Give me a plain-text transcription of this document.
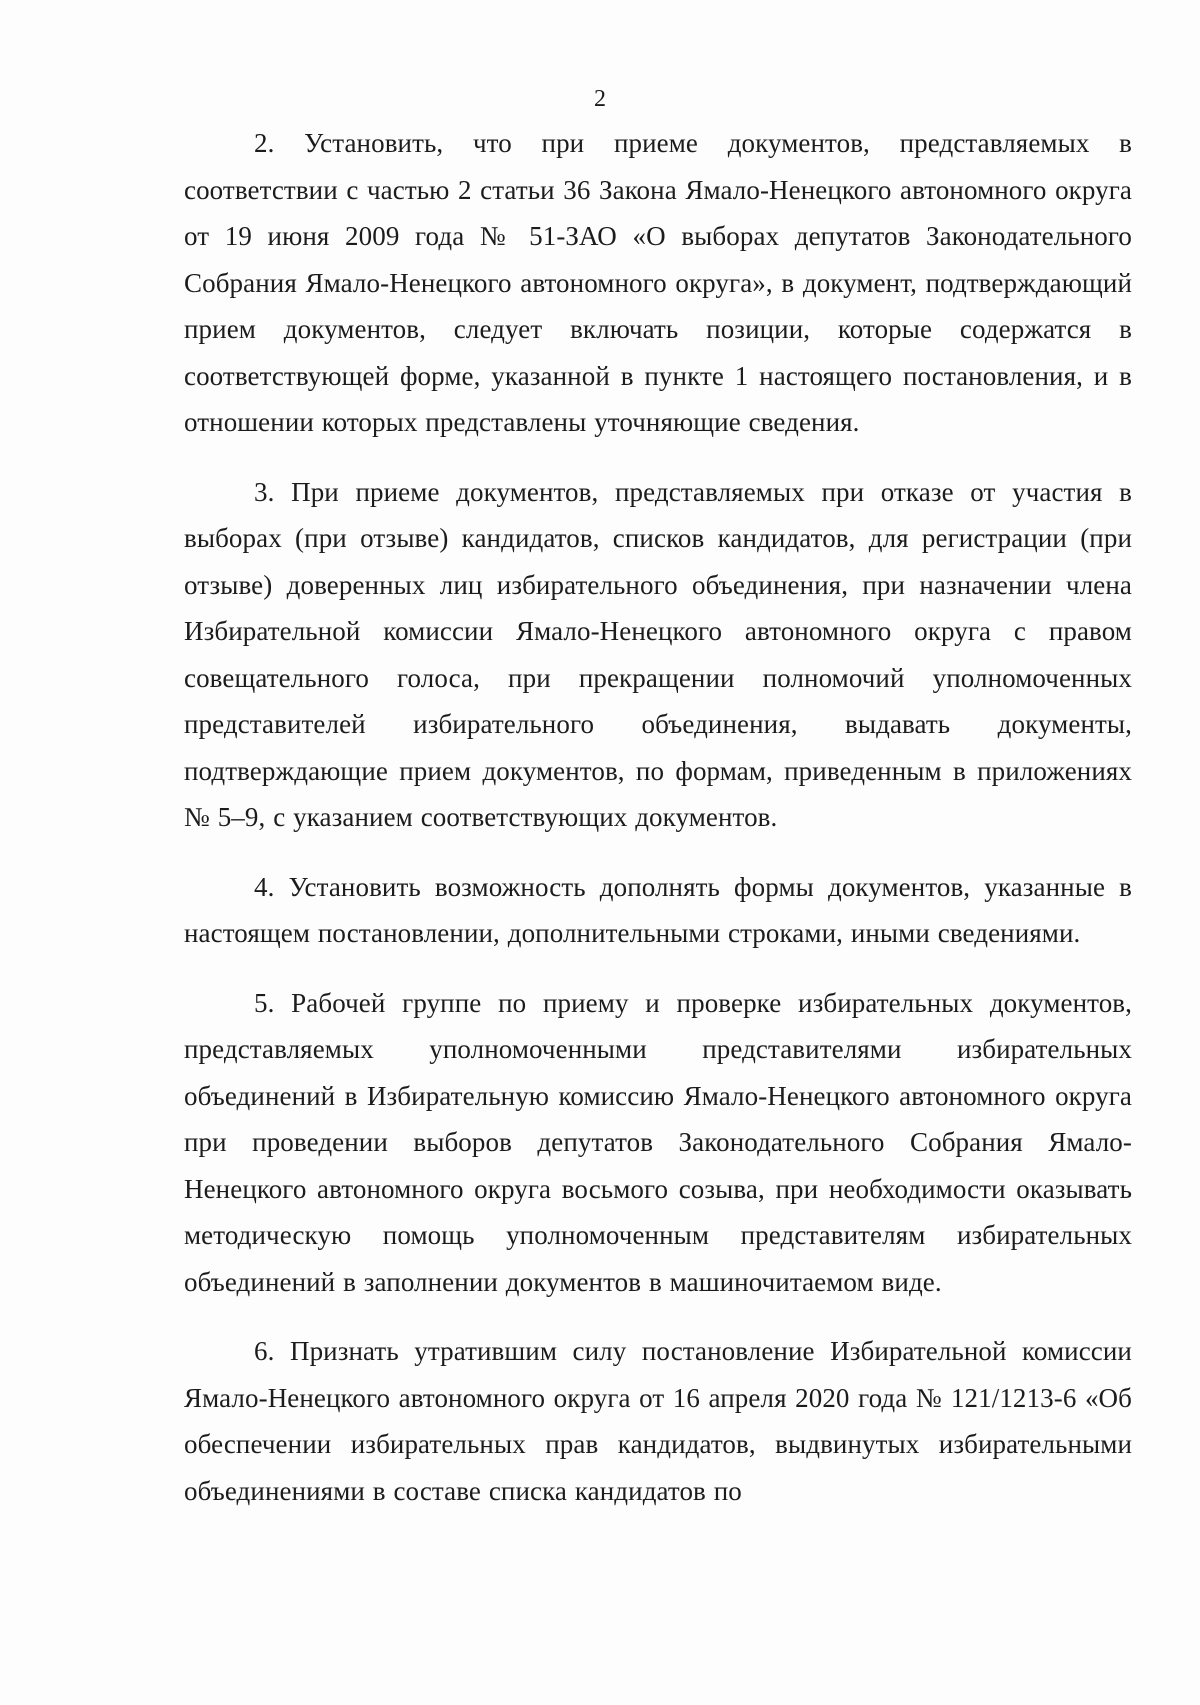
2

2. Установить, что при приеме документов, представляемых в соответствии с частью 2 статьи 36 Закона Ямало-Ненецкого автономного округа от 19 июня 2009 года № 51-ЗАО «О выборах депутатов Законодательного Собрания Ямало-Ненецкого автономного округа», в документ, подтверждающий прием документов, следует включать позиции, которые содержатся в соответствующей форме, указанной в пункте 1 настоящего постановления, и в отношении которых представлены уточняющие сведения.

3. При приеме документов, представляемых при отказе от участия в выборах (при отзыве) кандидатов, списков кандидатов, для регистрации (при отзыве) доверенных лиц избирательного объединения, при назначении члена Избирательной комиссии Ямало-Ненецкого автономного округа с правом совещательного голоса, при прекращении полномочий уполномоченных представителей избирательного объединения, выдавать документы, подтверждающие прием документов, по формам, приведенным в приложениях № 5–9, с указанием соответствующих документов.

4. Установить возможность дополнять формы документов, указанные в настоящем постановлении, дополнительными строками, иными сведениями.

5. Рабочей группе по приему и проверке избирательных документов, представляемых уполномоченными представителями избирательных объединений в Избирательную комиссию Ямало-Ненецкого автономного округа при проведении выборов депутатов Законодательного Собрания Ямало-Ненецкого автономного округа восьмого созыва, при необходимости оказывать методическую помощь уполномоченным представителям избирательных объединений в заполнении документов в машиночитаемом виде.

6. Признать утратившим силу постановление Избирательной комиссии Ямало-Ненецкого автономного округа от 16 апреля 2020 года № 121/1213-6 «Об обеспечении избирательных прав кандидатов, выдвинутых избирательными объединениями в составе списка кандидатов по
